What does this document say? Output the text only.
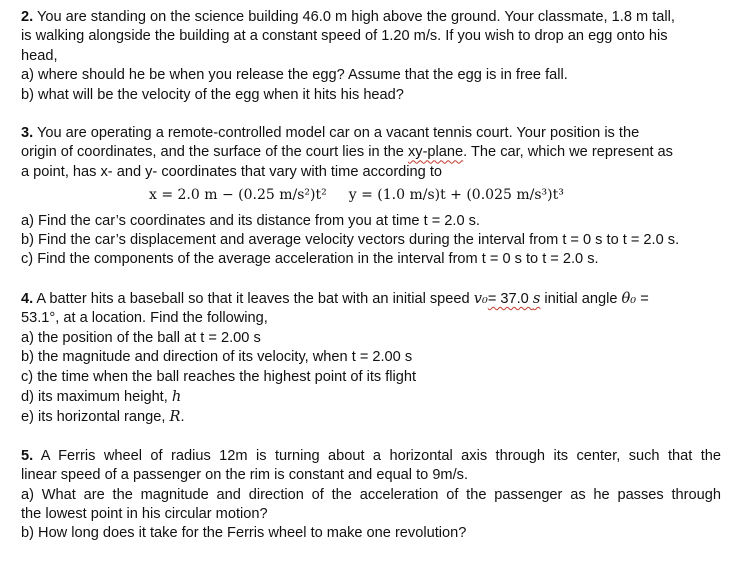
2. You are standing on the science building 46.0 m high above the ground. Your classmate, 1.8 m tall,
is walking alongside the building at a constant speed of 1.20 m/s. If you wish to drop an egg onto his
head,
a) where should he be when you release the egg? Assume that the egg is in free fall.
b) what will be the velocity of the egg when it hits his head?
3. You are operating a remote-controlled model car on a vacant tennis court. Your position is the
origin of coordinates, and the surface of the court lies in the xy-plane. The car, which we represent as
a point, has x- and y- coordinates that vary with time according to
x = 2.0 m − (0.25 m/s²)t² y = (1.0 m/s)t + (0.025 m/s³)t³
a) Find the car’s coordinates and its distance from you at time t = 2.0 s.
b) Find the car’s displacement and average velocity vectors during the interval from t = 0 s to t = 2.0 s.
c) Find the components of the average acceleration in the interval from t = 0 s to t = 2.0 s.
4. A batter hits a baseball so that it leaves the bat with an initial speed v₀= 37.0 s initial angle θ₀ =
53.1°, at a location. Find the following,
a) the position of the ball at t = 2.00 s
b) the magnitude and direction of its velocity, when t = 2.00 s
c) the time when the ball reaches the highest point of its flight
d) its maximum height, h
e) its horizontal range, R.
5. A Ferris wheel of radius 12m is turning about a horizontal axis through its center, such that the
linear speed of a passenger on the rim is constant and equal to 9m/s.
a) What are the magnitude and direction of the acceleration of the passenger as he passes through
the lowest point in his circular motion?
b) How long does it take for the Ferris wheel to make one revolution?
